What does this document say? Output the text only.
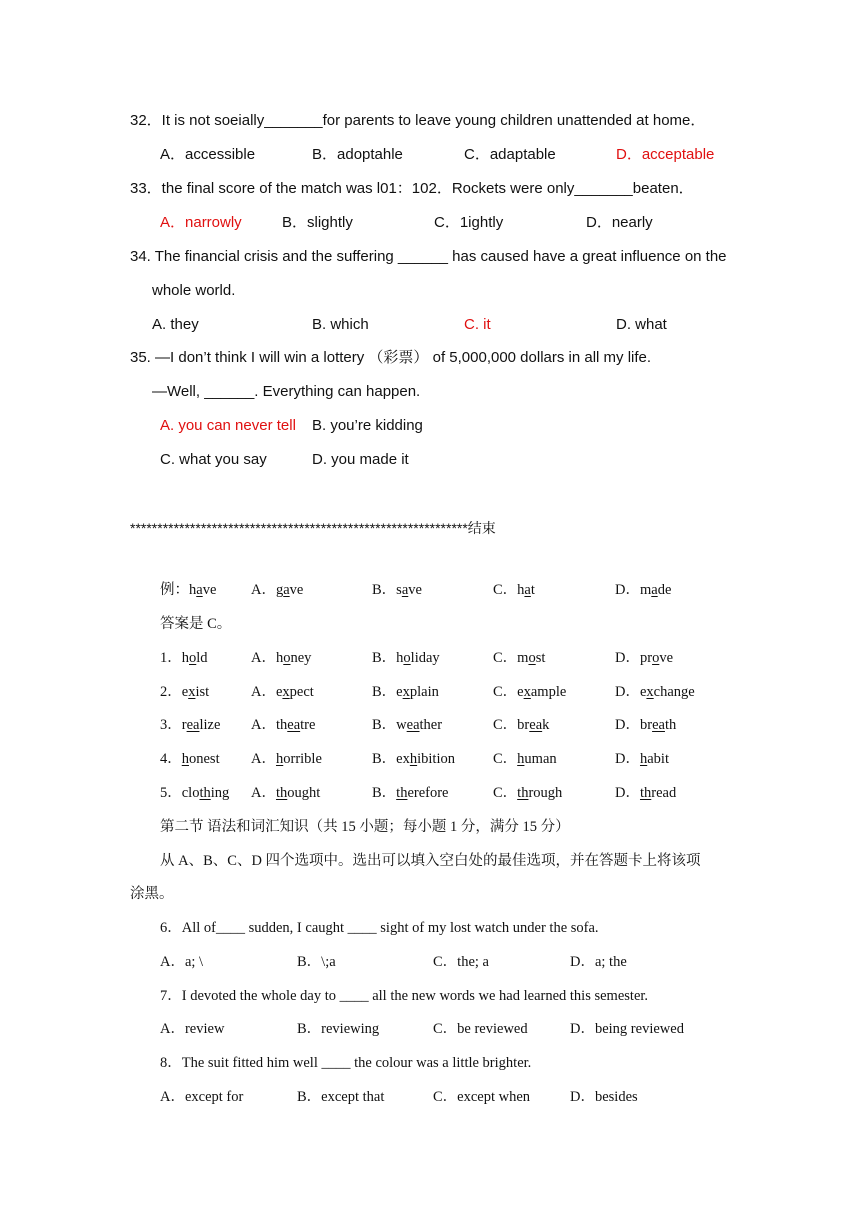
32．It is not soeially_______for parents to leave young children unattended at home．
A．accessible	B．adoptahle	C．adaptable	D．acceptable
33．the final score of the match was l01：102．Rockets were only_______beaten．
A．narrowly	B．slightly	C．1ightly	D．nearly
34. The financial crisis and the suffering ______ has caused have a great influence on the
whole world.
A. they	B. which	C. it	D. what
35. —I don’t think I will win a lottery （彩票） of 5,000,000 dollars in all my life.
—Well, ______. Everything can happen.
A. you can never tell B. you’re kidding
C. what you say	D. you made it
**************************************************************结束
例：have A．gave	B．save	C．hat	D．made
答案是 C。
1．hold	A．honey	B．holiday	C．most	D．prove
2．exist	A．expect	B．explain	C．example	D．exchange
3．realize A．theatre	B．weather	C．break	D．breath
4．honest A．horrible	B．exhibition	C．human	D．habit
5．clothing A．thought	B．therefore	C．through	D．thread
第二节 语法和词汇知识（共 15 小题；每小题 1 分，满分 15 分）
从 A、B、C、D 四个选项中。选出可以填入空白处的最佳选项，并在答题卡上将该项
涂黑。
6．All of____ sudden, I caught ____ sight of my lost watch under the sofa.
A．a; \	B．\;a	C．the; a	D．a; the
7．I devoted the whole day to ____ all the new words we had learned this semester.
A．review	B．reviewing	C．be reviewed	D．being reviewed
8．The suit fitted him well ____ the colour was a little brighter.
A．except for	B．except that	C．except when	D．besides
